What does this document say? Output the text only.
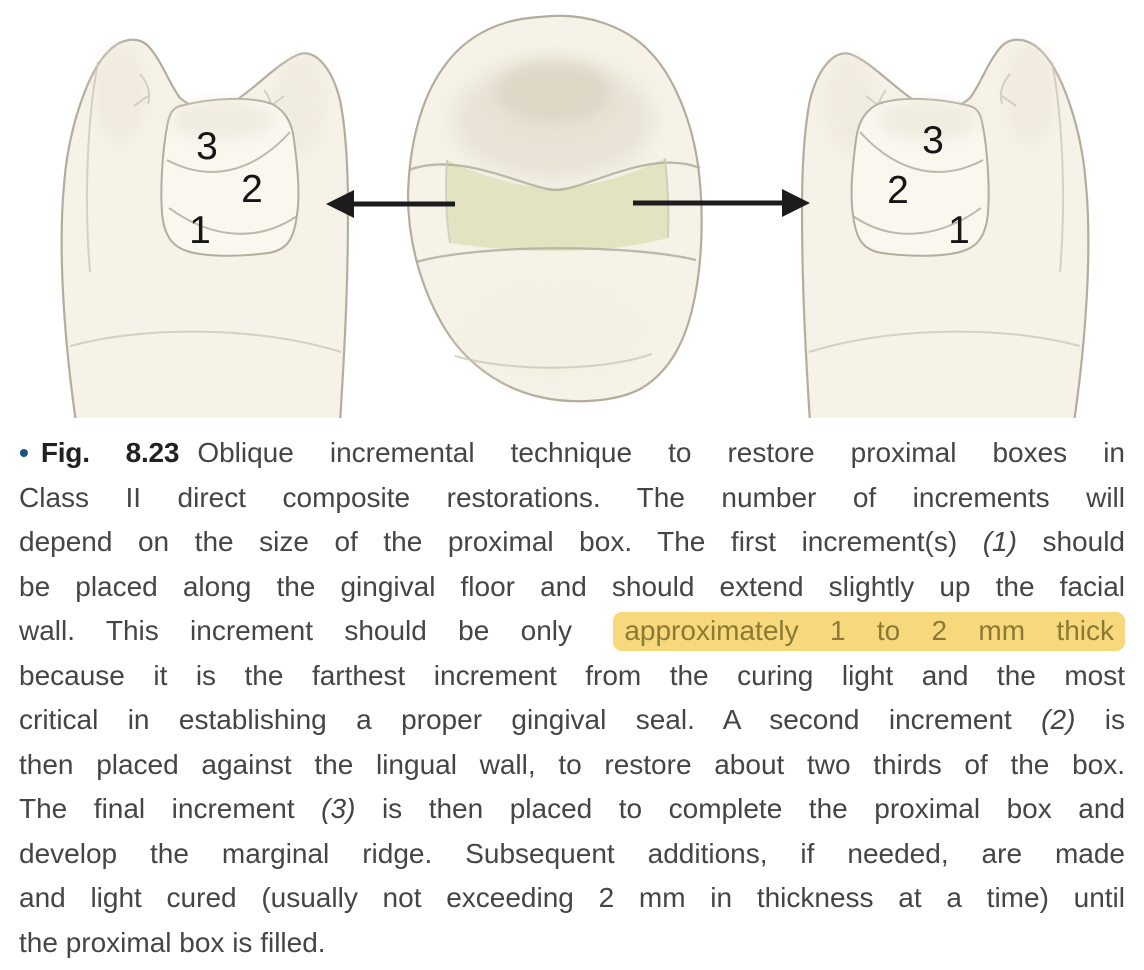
3
2
1
3
2
1
• Fig. 8.23 Oblique incremental technique to restore proximal boxes in
Class II direct composite restorations. The number of increments will
depend on the size of the proximal box. The first increment(s) (1) should
be placed along the gingival floor and should extend slightly up the facial
wall. This increment should be only approximately 1 to 2 mm thick
because it is the farthest increment from the curing light and the most
critical in establishing a proper gingival seal. A second increment (2) is
then placed against the lingual wall, to restore about two thirds of the box.
The final increment (3) is then placed to complete the proximal box and
develop the marginal ridge. Subsequent additions, if needed, are made
and light cured (usually not exceeding 2 mm in thickness at a time) until
the proximal box is filled.
